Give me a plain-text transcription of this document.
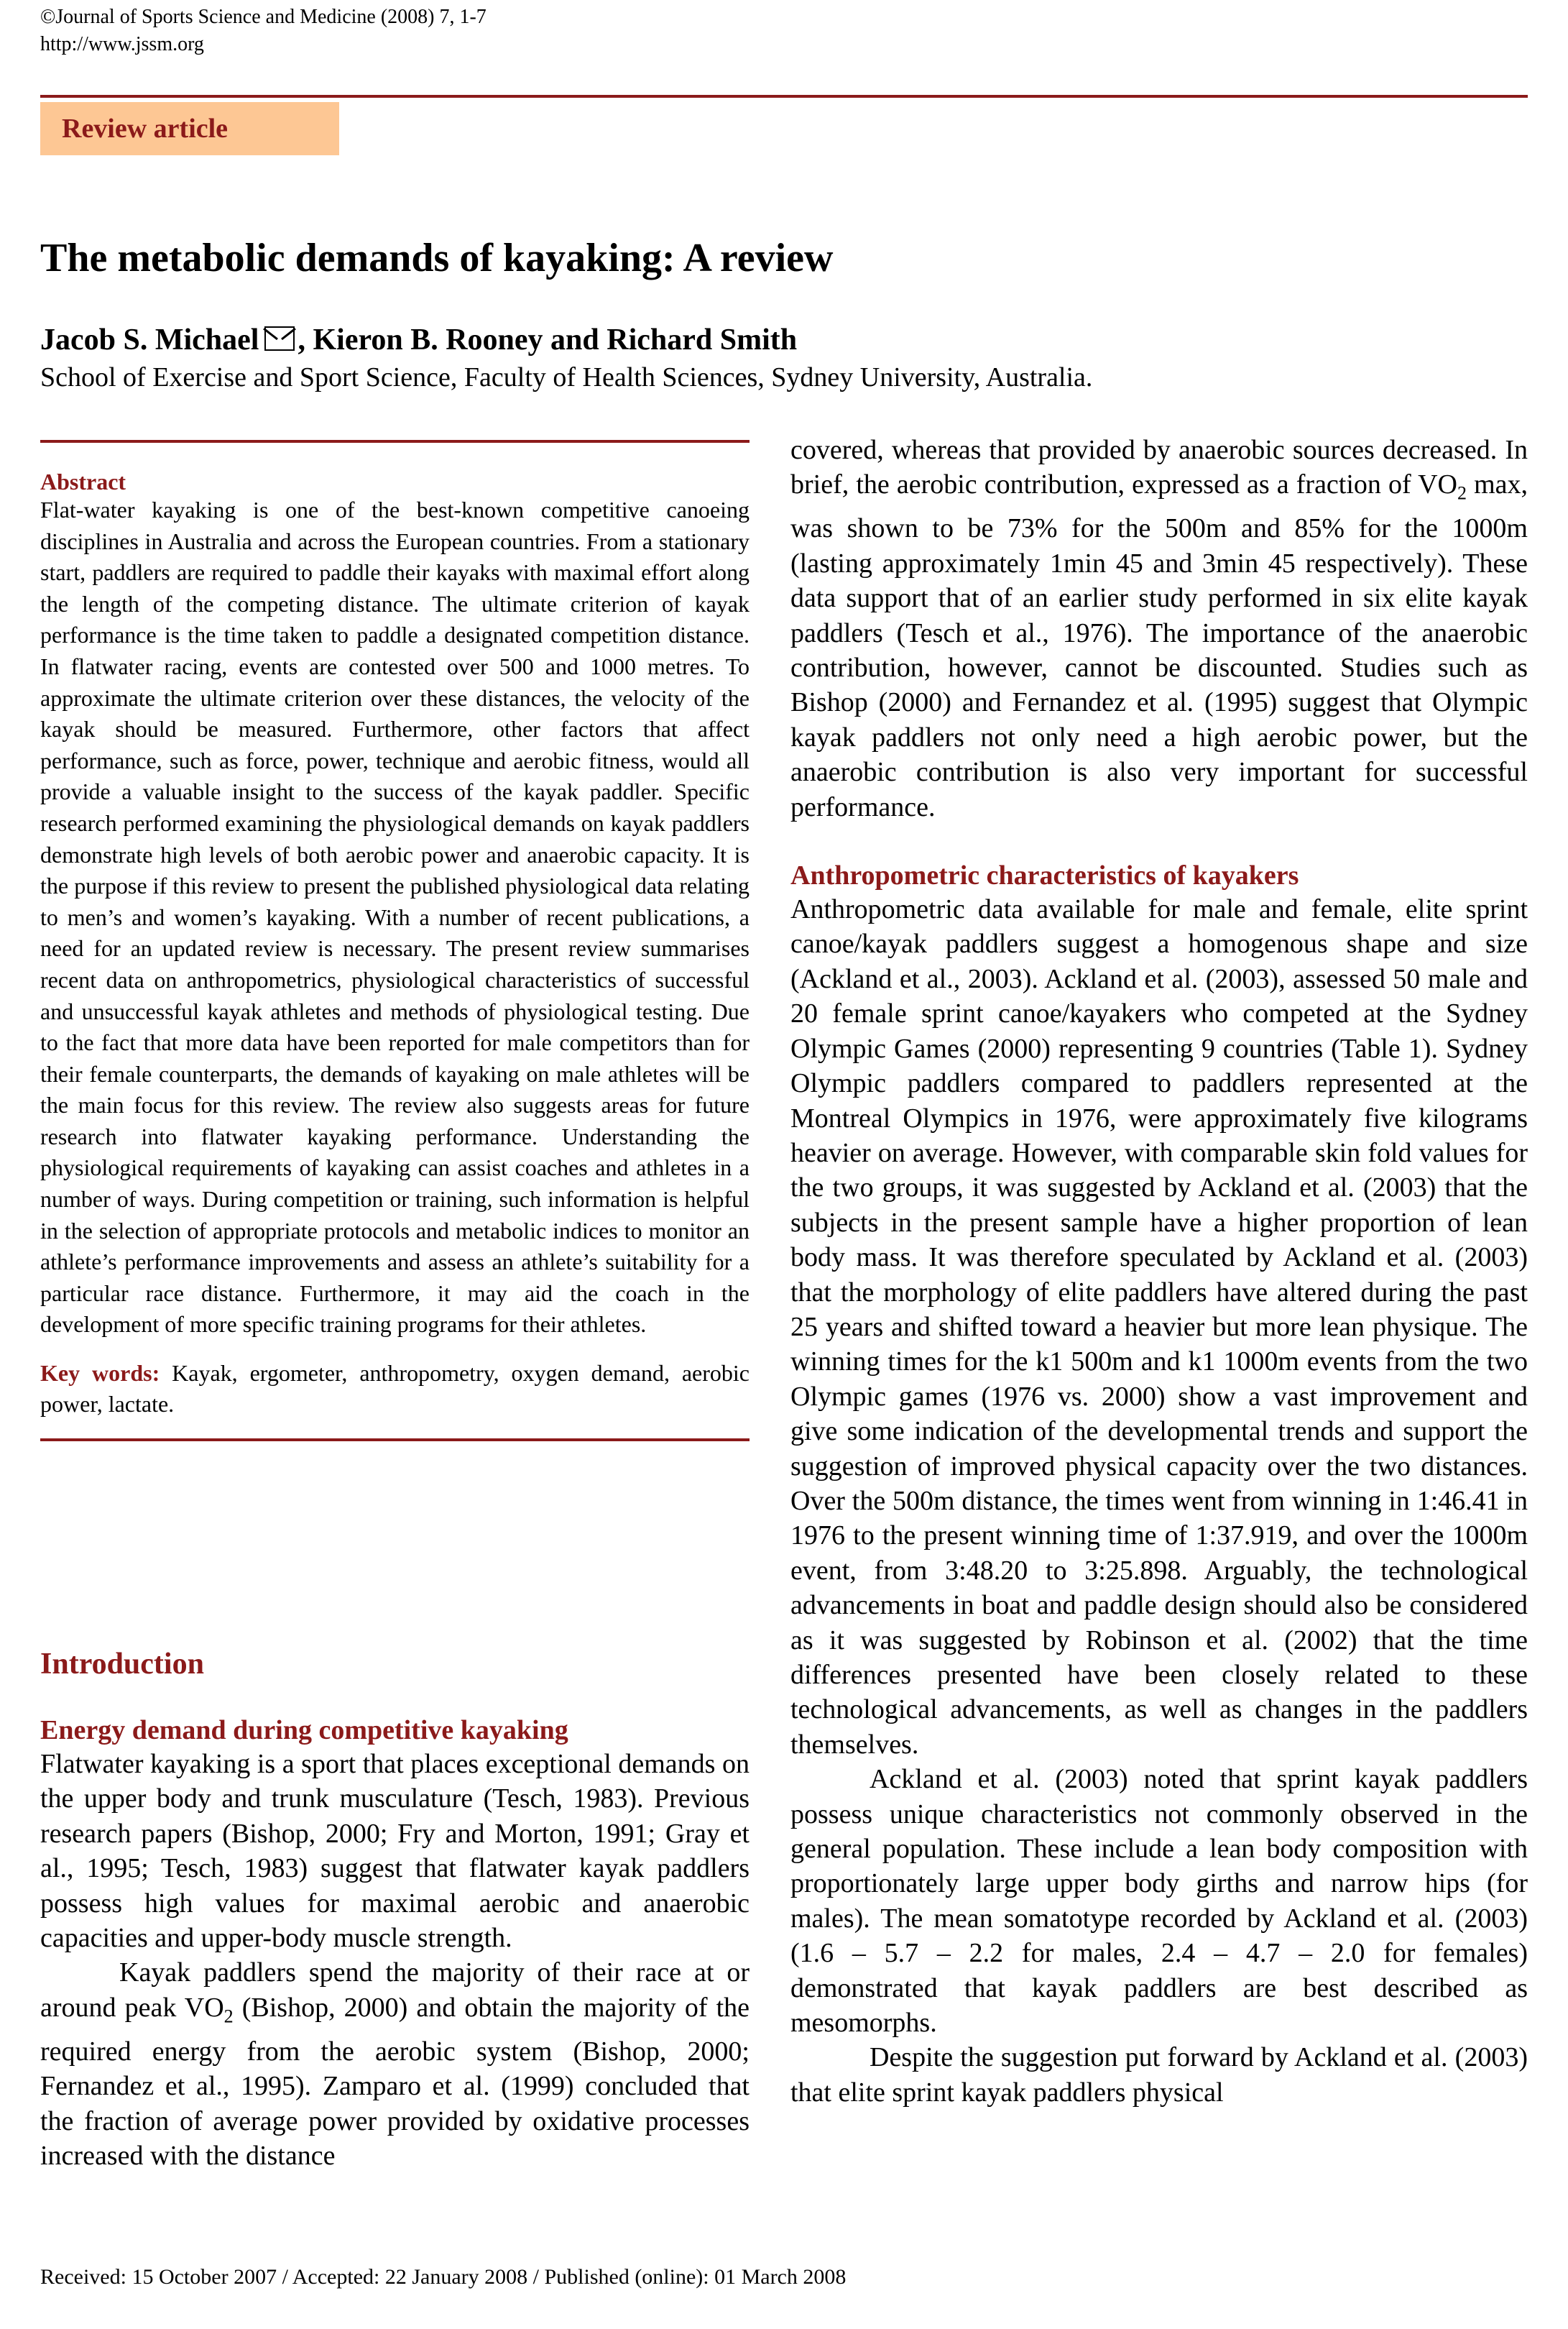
©Journal of Sports Science and Medicine (2008) 7, 1-7
http://www.jssm.org
Review article
The metabolic demands of kayaking: A review
Jacob S. Michael , Kieron B. Rooney and Richard Smith
School of Exercise and Sport Science, Faculty of Health Sciences, Sydney University, Australia.
Abstract
Flat-water kayaking is one of the best-known competitive canoeing disciplines in Australia and across the European countries. From a stationary start, paddlers are required to paddle their kayaks with maximal effort along the length of the competing distance. The ultimate criterion of kayak performance is the time taken to paddle a designated competition distance. In flatwater racing, events are contested over 500 and 1000 metres. To approximate the ultimate criterion over these distances, the velocity of the kayak should be measured. Furthermore, other factors that affect performance, such as force, power, technique and aerobic fitness, would all provide a valuable insight to the success of the kayak paddler. Specific research performed examining the physiological demands on kayak paddlers demonstrate high levels of both aerobic power and anaerobic capacity. It is the purpose if this review to present the published physiological data relating to men’s and women’s kayaking. With a number of recent publications, a need for an updated review is necessary. The present review summarises recent data on anthropometrics, physiological characteristics of successful and unsuccessful kayak athletes and methods of physiological testing. Due to the fact that more data have been reported for male competitors than for their female counterparts, the demands of kayaking on male athletes will be the main focus for this review. The review also suggests areas for future research into flatwater kayaking performance. Understanding the physiological requirements of kayaking can assist coaches and athletes in a number of ways. During competition or training, such information is helpful in the selection of appropriate protocols and metabolic indices to monitor an athlete’s performance improvements and assess an athlete’s suitability for a particular race distance. Furthermore, it may aid the coach in the development of more specific training programs for their athletes.
Key words: Kayak, ergometer, anthropometry, oxygen demand, aerobic power, lactate.
Introduction
Energy demand during competitive kayaking

Flatwater kayaking is a sport that places exceptional demands on the upper body and trunk musculature (Tesch, 1983). Previous research papers (Bishop, 2000; Fry and Morton, 1991; Gray et al., 1995; Tesch, 1983) suggest that flatwater kayak paddlers possess high values for maximal aerobic and anaerobic capacities and upper-body muscle strength.

Kayak paddlers spend the majority of their race at or around peak $VO_2$ (Bishop, 2000) and obtain the majority of the required energy from the aerobic system (Bishop, 2000; Fernandez et al., 1995). Zamparo et al. (1999) concluded that the fraction of average power provided by oxidative processes increased with the distance

covered, whereas that provided by anaerobic sources decreased. In brief, the aerobic contribution, expressed as a fraction of $VO_2$ max, was shown to be 73% for the 500m and 85% for the 1000m (lasting approximately 1min 45 and 3min 45 respectively). These data support that of an earlier study performed in six elite kayak paddlers (Tesch et al., 1976). The importance of the anaerobic contribution, however, cannot be discounted. Studies such as Bishop (2000) and Fernandez et al. (1995) suggest that Olympic kayak paddlers not only need a high aerobic power, but the anaerobic contribution is also very important for successful performance.

Anthropometric characteristics of kayakers

Anthropometric data available for male and female, elite sprint canoe/kayak paddlers suggest a homogenous shape and size (Ackland et al., 2003). Ackland et al. (2003), assessed 50 male and 20 female sprint canoe/kayakers who competed at the Sydney Olympic Games (2000) representing 9 countries (Table 1). Sydney Olympic paddlers compared to paddlers represented at the Montreal Olympics in 1976, were approximately five kilograms heavier on average. However, with comparable skin fold values for the two groups, it was suggested by Ackland et al. (2003) that the subjects in the present sample have a higher proportion of lean body mass. It was therefore speculated by Ackland et al. (2003) that the morphology of elite paddlers have altered during the past 25 years and shifted toward a heavier but more lean physique. The winning times for the k1 500m and k1 1000m events from the two Olympic games (1976 vs. 2000) show a vast improvement and give some indication of the developmental trends and support the suggestion of improved physical capacity over the two distances. Over the 500m distance, the times went from winning in 1:46.41 in 1976 to the present winning time of 1:37.919, and over the 1000m event, from 3:48.20 to 3:25.898. Arguably, the technological advancements in boat and paddle design should also be considered as it was suggested by Robinson et al. (2002) that the time differences presented have been closely related to these technological advancements, as well as changes in the paddlers themselves.

Ackland et al. (2003) noted that sprint kayak paddlers possess unique characteristics not commonly observed in the general population. These include a lean body composition with proportionately large upper body girths and narrow hips (for males). The mean somatotype recorded by Ackland et al. (2003) (1.6 – 5.7 – 2.2 for males, 2.4 – 4.7 – 2.0 for females) demonstrated that kayak paddlers are best described as mesomorphs.

Despite the suggestion put forward by Ackland et al. (2003) that elite sprint kayak paddlers physical

Received: 15 October 2007 / Accepted: 22 January 2008 / Published (online): 01 March 2008
